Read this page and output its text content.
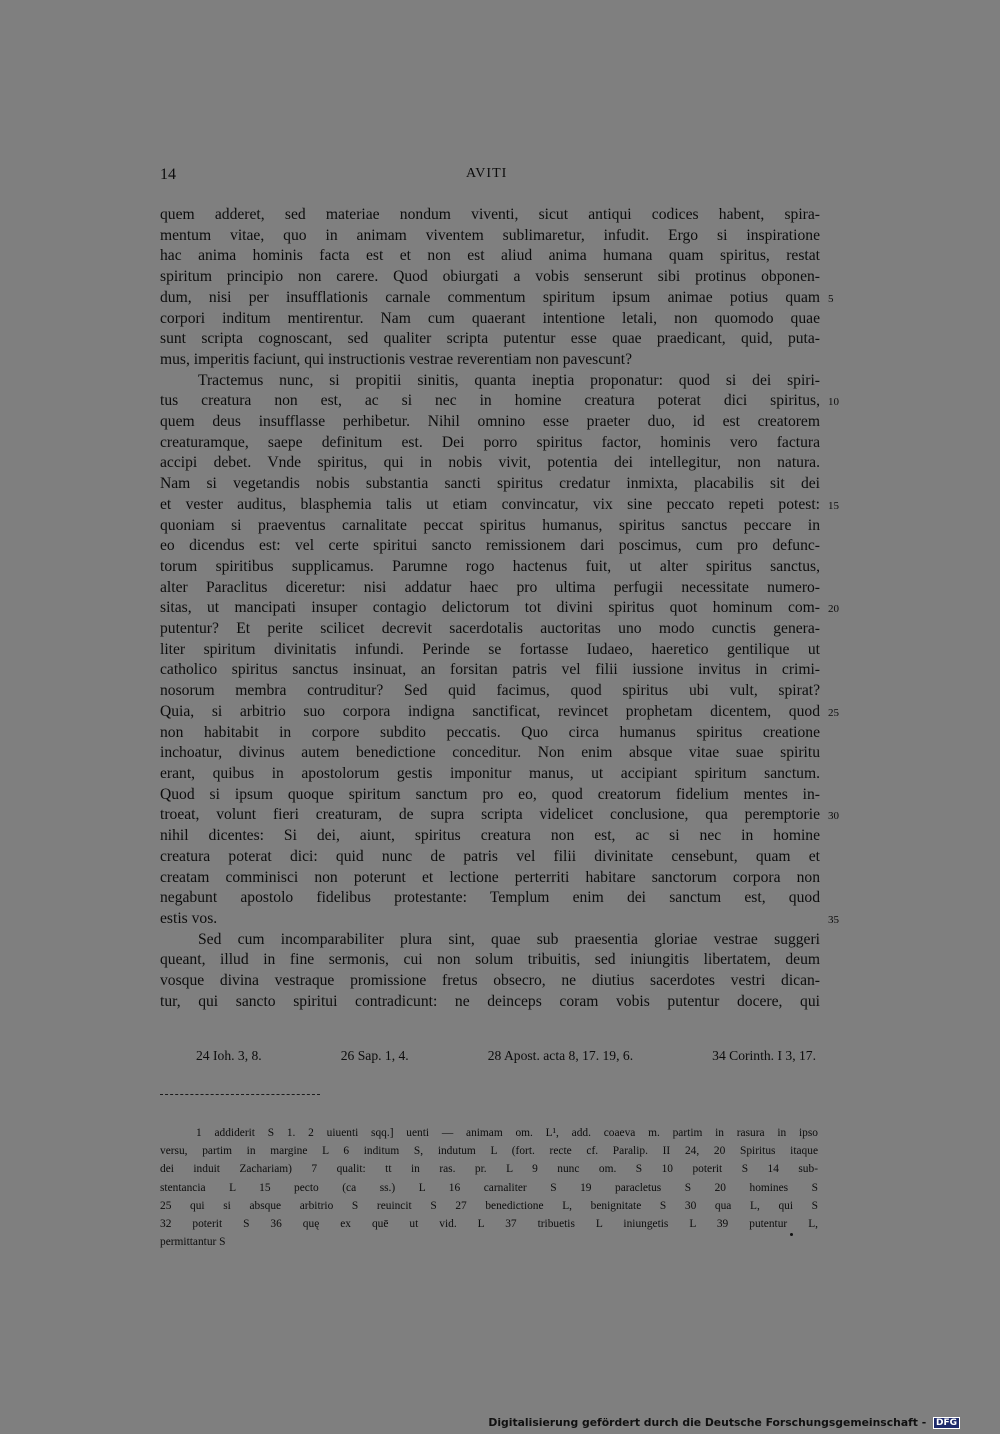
14	AVITI
quem adderet, sed materiae nondum viventi, sicut antiqui codices habent, spira-
mentum vitae, quo in animam viventem sublimaretur, infudit. Ergo si inspiratione
hac anima hominis facta est et non est aliud anima humana quam spiritus, restat
spiritum principio non carere. Quod obiurgati a vobis senserunt sibi protinus obponen-
dum, nisi per insufflationis carnale commentum spiritum ipsum animae potius quam 5
corpori inditum mentirentur. Nam cum quaerant intentione letali, non quomodo quae
sunt scripta cognoscant, sed qualiter scripta putentur esse quae praedicant, quid, puta-
mus, imperitis faciunt, qui instructionis vestrae reverentiam non pavescunt?
Tractemus nunc, si propitii sinitis, quanta ineptia proponatur: quod si dei spiri-
tus creatura non est, ac si nec in homine creatura poterat dici spiritus, 10
quem deus insufflasse perhibetur. Nihil omnino esse praeter duo, id est creatorem
creaturamque, saepe definitum est. Dei porro spiritus factor, hominis vero factura
accipi debet. Vnde spiritus, qui in nobis vivit, potentia dei intellegitur, non natura.
Nam si vegetandis nobis substantia sancti spiritus credatur inmixta, placabilis sit dei
et vester auditus, blasphemia talis ut etiam convincatur, vix sine peccato repeti potest: 15
quoniam si praeventus carnalitate peccat spiritus humanus, spiritus sanctus peccare in
eo dicendus est: vel certe spiritui sancto remissionem dari poscimus, cum pro defunc-
torum spiritibus supplicamus. Parumne rogo hactenus fuit, ut alter spiritus sanctus,
alter Paraclitus diceretur: nisi addatur haec pro ultima perfugii necessitate numero-
sitas, ut mancipati insuper contagio delictorum tot divini spiritus quot hominum com- 20
putentur? Et perite scilicet decrevit sacerdotalis auctoritas uno modo cunctis genera-
liter spiritum divinitatis infundi. Perinde se fortasse Iudaeo, haeretico gentilique ut
catholico spiritus sanctus insinuat, an forsitan patris vel filii iussione invitus in crimi-
nosorum membra contruditur? Sed quid facimus, quod spiritus ubi vult, spirat?
Quia, si arbitrio suo corpora indigna sanctificat, revincet prophetam dicentem, quod 25
non habitabit in corpore subdito peccatis. Quo circa humanus spiritus creatione
inchoatur, divinus autem benedictione conceditur. Non enim absque vitae suae spiritu
erant, quibus in apostolorum gestis imponitur manus, ut accipiant spiritum sanctum.
Quod si ipsum quoque spiritum sanctum pro eo, quod creatorum fidelium mentes in-
troeat, volunt fieri creaturam, de supra scripta videlicet conclusione, qua peremptorie 30
nihil dicentes: Si dei, aiunt, spiritus creatura non est, ac si nec in homine
creatura poterat dici: quid nunc de patris vel filii divinitate censebunt, quam et
creatam comminisci non poterunt et lectione perterriti habitare sanctorum corpora non
negabunt apostolo fidelibus protestante: Templum enim dei sanctum est, quod
estis vos.	35
Sed cum incomparabiliter plura sint, quae sub praesentia gloriae vestrae suggeri
queant, illud in fine sermonis, cui non solum tribuitis, sed iniungitis libertatem, deum
vosque divina vestraque promissione fretus obsecro, ne diutius sacerdotes vestri dican-
tur, qui sancto spiritui contradicunt: ne deinceps coram vobis putentur docere, qui
24 Ioh. 3, 8.	26 Sap. 1, 4.	28 Apost. acta 8, 17. 19, 6.	34 Corinth. I 3, 17.
1 addiderit S 1. 2 uiuenti sqq.] uenti — animam om. L¹, add. coaeva m. partim in rasura in ipso
versu, partim in margine L 6 inditum S, indutum L (fort. recte cf. Paralip. II 24, 20 Spiritus itaque
dei induit Zachariam) 7 qualit: tt in ras. pr. L 9 nunc om. S 10 poterit S 14 sub-
stentancia L 15 pecto (ca ss.) L 16 carnaliter S 19 paracletus S 20 homines S
25 qui si absque arbitrio S reuincit S 27 benedictione L, benignitate S 30 qua L, qui S
32 poterit S 36 quę ex quē ut vid. L 37 tribuetis L iniungetis L 39 putentur L,
permittantur S
Digitalisierung gefördert durch die Deutsche Forschungsgemeinschaft - DFG
